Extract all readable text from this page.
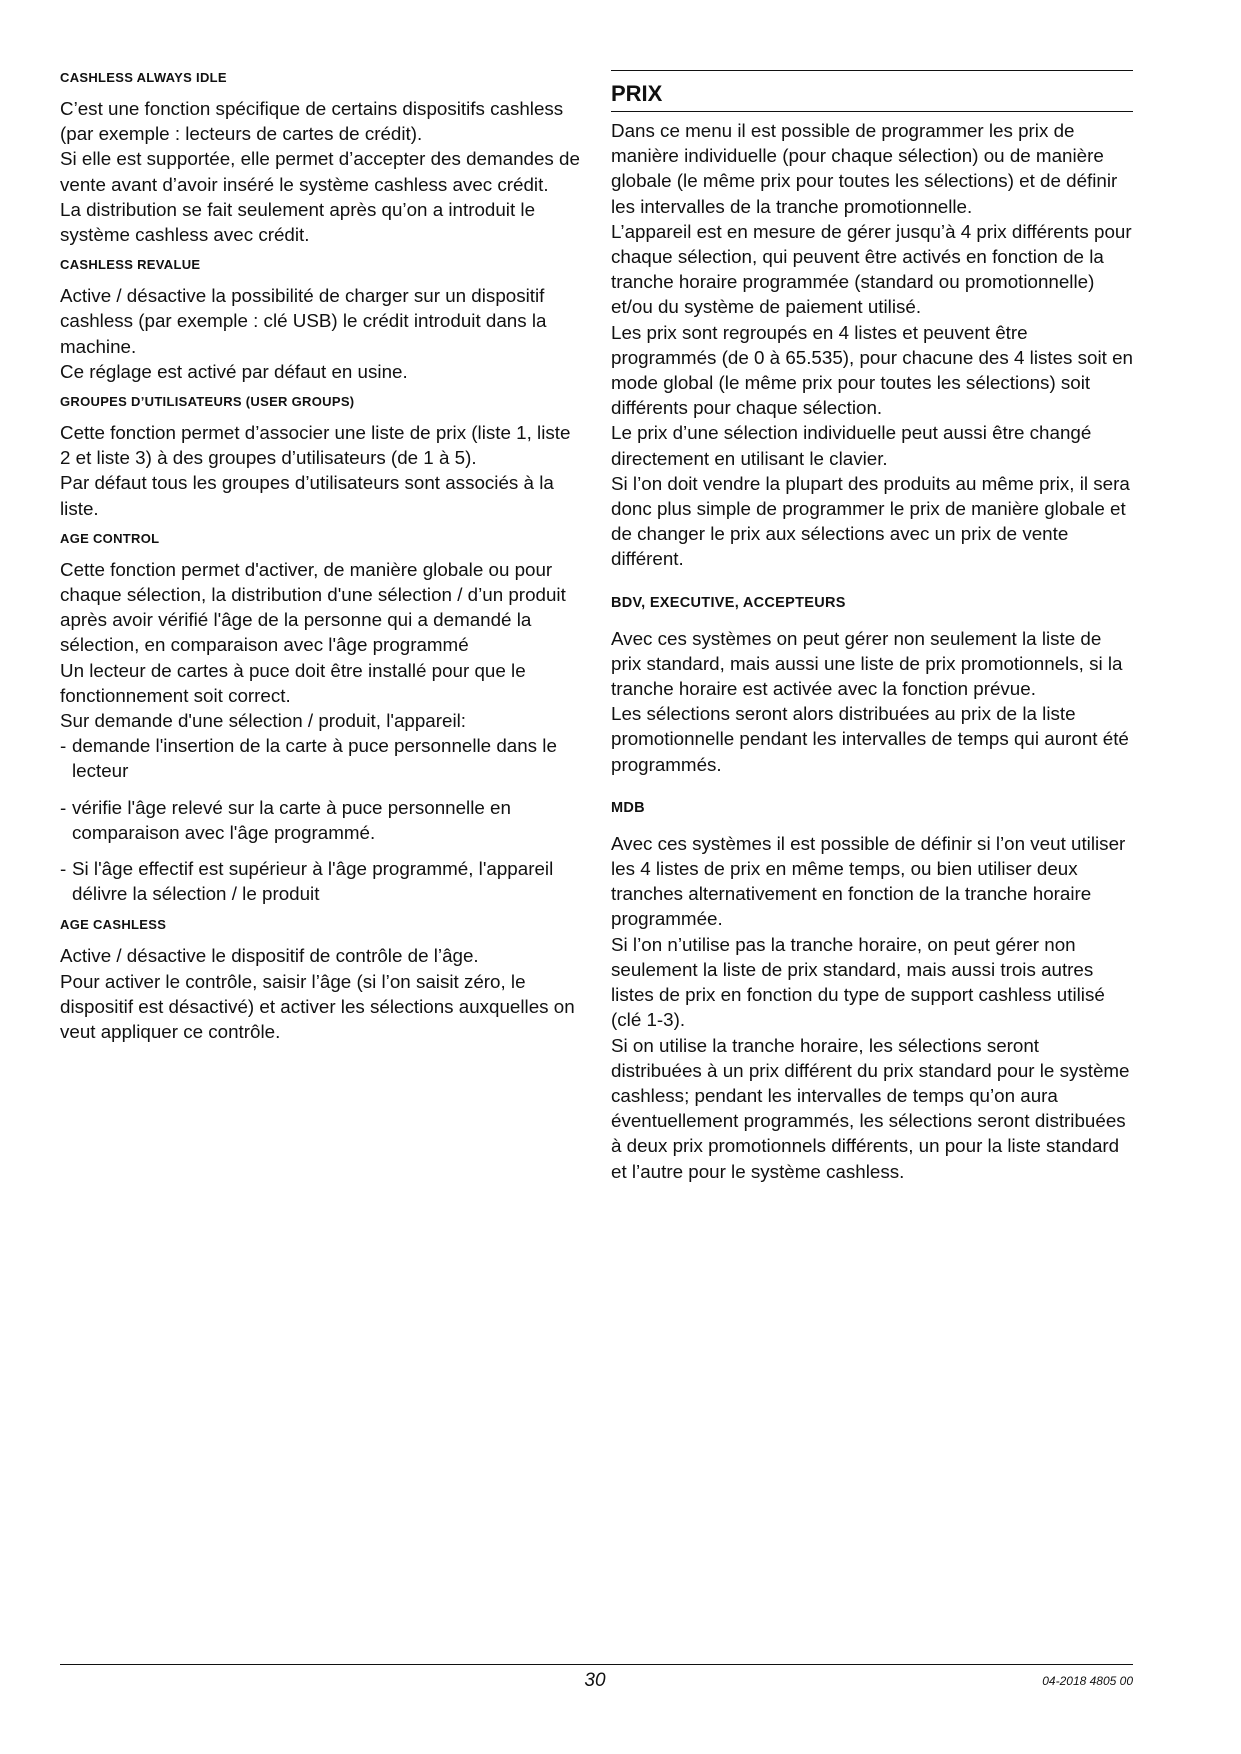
CASHLESS ALWAYS IDLE

C’est une fonction spécifique de certains dispositifs cashless (par exemple : lecteurs de cartes de crédit).

Si elle est supportée, elle permet d’accepter des demandes de vente avant d’avoir inséré le système cashless avec crédit.

La distribution se fait seulement après qu’on a introduit le système cashless avec crédit.

CASHLESS REVALUE

Active / désactive la possibilité de charger sur un dispositif cashless (par exemple : clé USB) le crédit introduit dans la machine.

Ce réglage est activé par défaut en usine.

GROUPES D’UTILISATEURS (USER GROUPS)

Cette fonction permet d’associer une liste de prix (liste 1, liste 2 et liste 3) à des groupes d’utilisateurs (de 1 à 5).

Par défaut tous les groupes d’utilisateurs sont associés à la liste.

AGE CONTROL

Cette fonction permet d'activer, de manière globale ou pour chaque sélection, la distribution d'une sélection / d’un produit après avoir vérifié l'âge de la personne qui a demandé la sélection, en comparaison avec l'âge programmé

Un lecteur de cartes à puce doit être installé pour que le fonctionnement soit correct.

Sur demande d'une sélection / produit, l'appareil:

- demande l'insertion de la carte à puce personnelle dans le lecteur
- vérifie l'âge relevé sur la carte à puce personnelle en comparaison avec l'âge programmé.
- Si l'âge effectif est supérieur à l'âge programmé, l'appareil délivre la sélection / le produit
AGE CASHLESS

Active / désactive le dispositif de contrôle de l’âge.

Pour activer le contrôle, saisir l’âge (si l’on saisit zéro, le dispositif est désactivé) et activer les sélections auxquelles on veut appliquer ce contrôle.

PRIX

Dans ce menu il est possible de programmer les prix de manière individuelle (pour chaque sélection) ou de manière globale (le même prix pour toutes les sélections) et de définir les intervalles de la tranche promotionnelle.

L’appareil est en mesure de gérer jusqu’à 4 prix différents pour chaque sélection, qui peuvent être activés en fonction de la tranche horaire programmée (standard ou promotionnelle) et/ou du système de paiement utilisé.

Les prix sont regroupés en 4 listes et peuvent être programmés (de 0 à 65.535), pour chacune des 4 listes soit en mode global (le même prix pour toutes les sélections) soit différents pour chaque sélection.

Le prix d’une sélection individuelle peut aussi être changé directement en utilisant le clavier.

Si l’on doit vendre la plupart des produits au même prix, il sera donc plus simple de programmer le prix de manière globale et de changer le prix aux sélections avec un prix de vente différent.

BDV, EXECUTIVE, ACCEPTEURS

Avec ces systèmes on peut gérer non seulement la liste de prix standard, mais aussi une liste de prix promotionnels, si la tranche horaire est activée avec la fonction prévue.

Les sélections seront alors distribuées au prix de la liste promotionnelle pendant les intervalles de temps qui auront été programmés.

MDB

Avec ces systèmes il est possible de définir si l’on veut utiliser les 4 listes de prix en même temps, ou bien utiliser deux tranches alternativement en fonction de la tranche horaire programmée.

Si l’on n’utilise pas la tranche horaire, on peut gérer non seulement la liste de prix standard, mais aussi trois autres listes de prix en fonction du type de support cashless utilisé (clé 1-3).

Si on utilise la tranche horaire, les sélections seront distribuées à un prix différent du prix standard pour le système cashless; pendant les intervalles de temps qu’on aura éventuellement programmés, les sélections seront distribuées à deux prix promotionnels différents, un pour la liste standard et l’autre pour le système cashless.

30	04-2018 4805 00
